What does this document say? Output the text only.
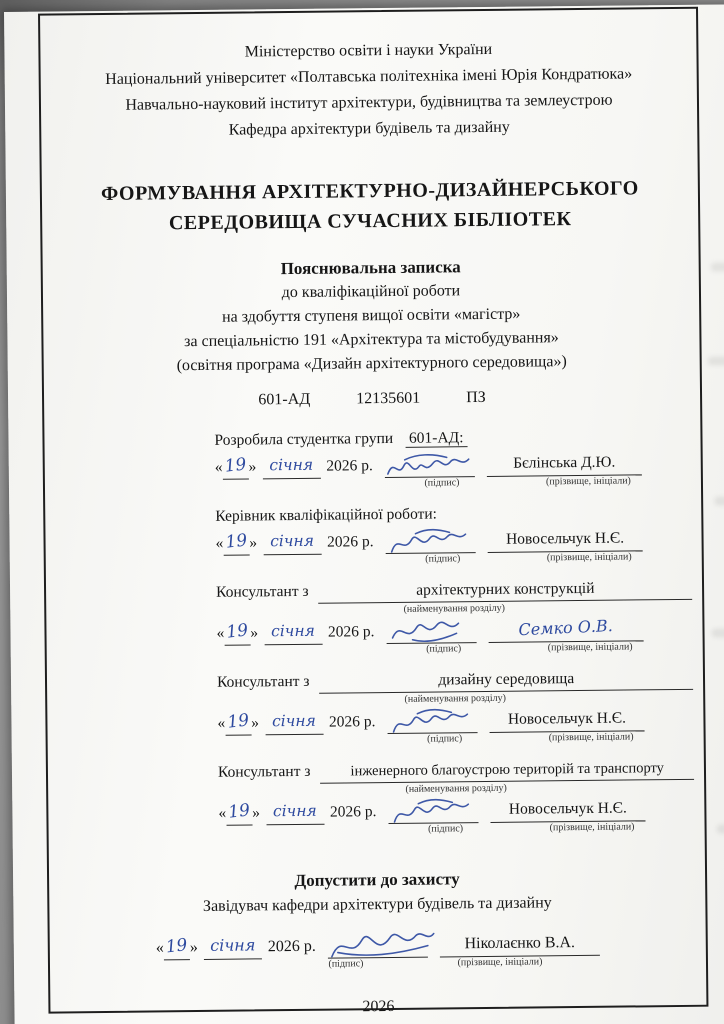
Міністерство освіти і науки України
Національний університет «Полтавська політехніка імені Юрія Кондратюка»
Навчально-науковий інститут архітектури, будівництва та землеустрою
Кафедра архітектури будівель та дизайну
ФОРМУВАННЯ АРХІТЕКТУРНО-ДИЗАЙНЕРСЬКОГО
СЕРЕДОВИЩА СУЧАСНИХ БІБЛІОТЕК
Пояснювальна записка
до кваліфікаційної роботи
на здобуття ступеня вищої освіти «магістр»
за спеціальністю 191 «Архітектура та містобудування»
(освітня програма «Дизайн архітектурного середовища»)
601-АД	12135601	ПЗ
Розробила студентка групи 601-АД:
« 19 » січня 2026 р.	Бєлінська Д.Ю.
(підпис)	(прізвище, ініціали)
Керівник кваліфікаційної роботи:
« 19 » січня 2026 р.	Новосельчук Н.Є.
(підпис)	(прізвище, ініціали)
Консультант з	архітектурних конструкцій
(найменування розділу)
« 19 » січня 2026 р.	Семко О.В.
(підпис)	(прізвище, ініціали)
Консультант з	дизайну середовища
(найменування розділу)
« 19 » січня 2026 р.	Новосельчук Н.Є.
(підпис)	(прізвище, ініціали)
Консультант з	інженерного благоустрою територій та транспорту
(найменування розділу)
« 19 » січня 2026 р.	Новосельчук Н.Є.
(підпис)	(прізвище, ініціали)
Допустити до захисту
Завідувач кафедри архітектури будівель та дизайну
« 19 » січня 2026 р.	Ніколаєнко В.А.
(підпис)	(прізвище, ініціали)
2026
